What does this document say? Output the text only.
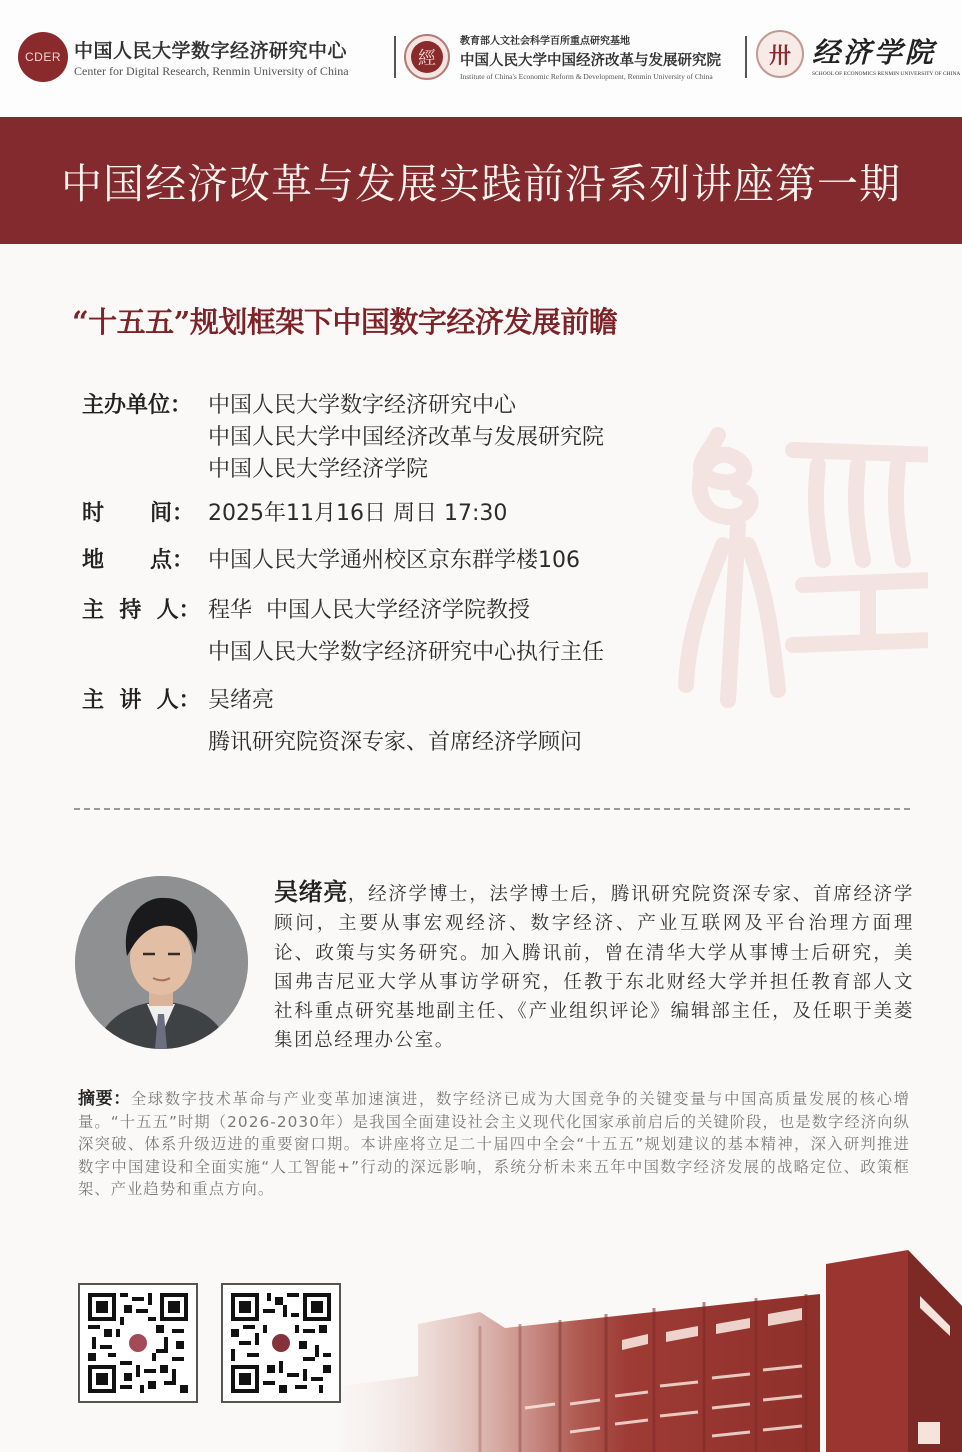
CDER 中国人民大学数字经济研究中心
Center for Digital Research, Renmin University of China
經
教育部人文社会科学百所重点研究基地
中国人民大学中国经济改革与发展研究院
Institute of China's Economic Reform & Development, Renmin University of China
卅 经济学院
SCHOOL OF ECONOMICS RENMIN UNIVERSITY OF CHINA
中国经济改革与发展实践前沿系列讲座第一期
“十五五”规划框架下中国数字经济发展前瞻
主办单位： 中国人民大学数字经济研究中心
中国人民大学中国经济改革与发展研究院
中国人民大学经济学院
时      间： 2025年11月16日 周日 17:30
地      点： 中国人民大学通州校区京东群学楼106
主  持  人： 程华  中国人民大学经济学院教授
中国人民大学数字经济研究中心执行主任
主  讲  人： 吴绪亮
腾讯研究院资深专家、首席经济学顾问
吴绪亮，经济学博士，法学博士后，腾讯研究院资深专家、首席经济学顾问，主要从事宏观经济、数字经济、产业互联网及平台治理方面理论、政策与实务研究。加入腾讯前，曾在清华大学从事博士后研究，美国弗吉尼亚大学从事访学研究，任教于东北财经大学并担任教育部人文社科重点研究基地副主任、《产业组织评论》编辑部主任，及任职于美菱集团总经理办公室。
摘要：全球数字技术革命与产业变革加速演进，数字经济已成为大国竞争的关键变量与中国高质量发展的核心增量。“十五五”时期（2026-2030年）是我国全面建设社会主义现代化国家承前启后的关键阶段，也是数字经济向纵深突破、体系升级迈进的重要窗口期。本讲座将立足二十届四中全会“十五五”规划建议的基本精神，深入研判推进数字中国建设和全面实施“人工智能+”行动的深远影响，系统分析未来五年中国数字经济发展的战略定位、政策框架、产业趋势和重点方向。
